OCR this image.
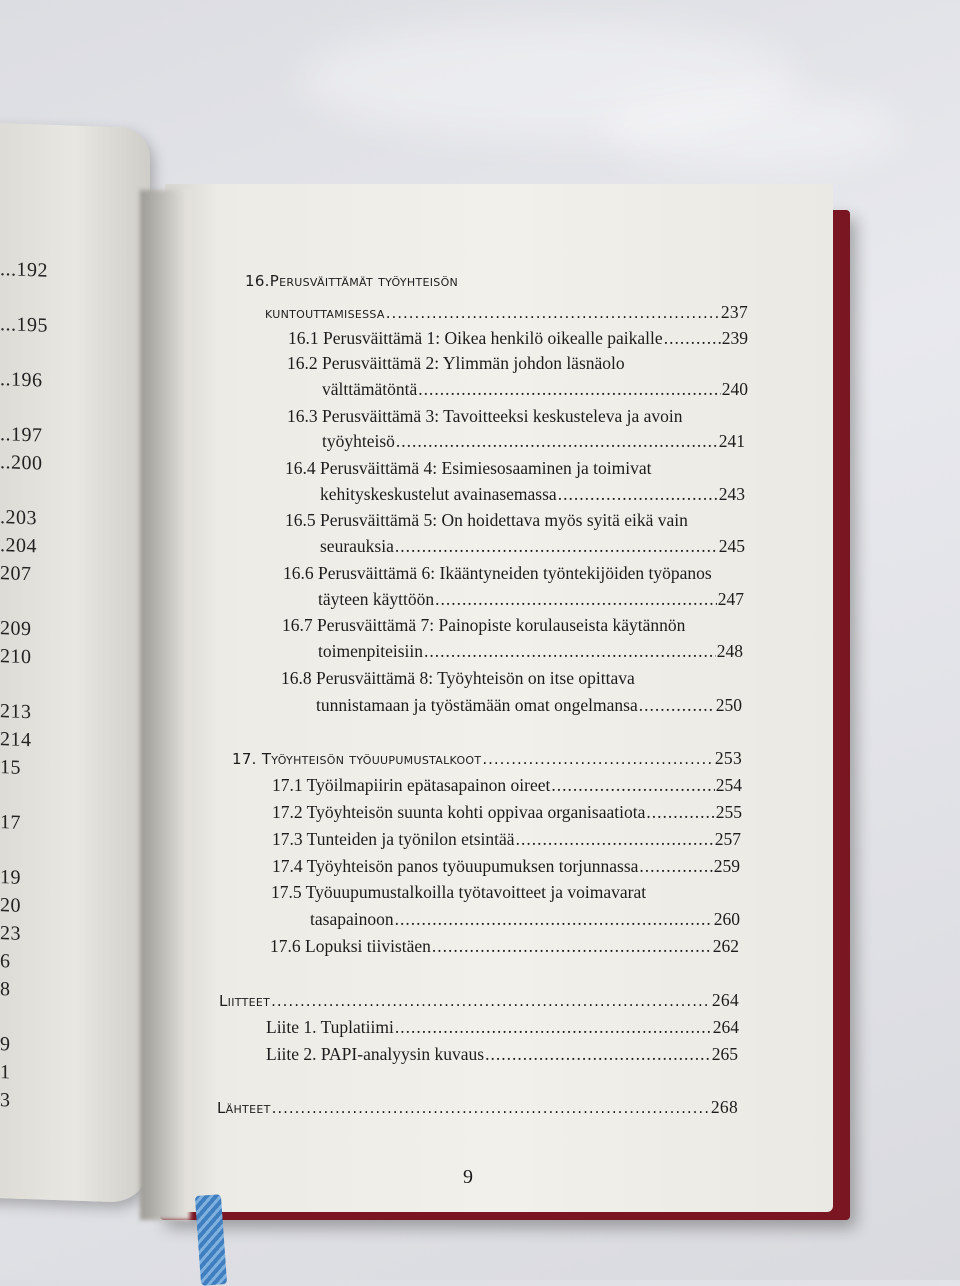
...192
...195
..196
..197
..200
.203
.204
207
209
210
213
214
15
17
19
20
23
6
8
9
1
3
16.Perusväittämät työyhteisön
kuntouttamisessa .....	237
16.1 Perusväittämä 1: Oikea henkilö oikealle paikalle .....	239
16.2 Perusväittämä 2: Ylimmän johdon läsnäolo
välttämätöntä .....	240
16.3 Perusväittämä 3: Tavoitteeksi keskusteleva ja avoin
työyhteisö .....	241
16.4 Perusväittämä 4: Esimiesosaaminen ja toimivat
kehityskeskustelut avainasemassa .....	243
16.5 Perusväittämä 5: On hoidettava myös syitä eikä vain
seurauksia .....	245
16.6 Perusväittämä 6: Ikääntyneiden työntekijöiden työpanos
täyteen käyttöön .....	247
16.7 Perusväittämä 7: Painopiste korulauseista käytännön
toimenpiteisiin .....	248
16.8 Perusväittämä 8: Työyhteisön on itse opittava
tunnistamaan ja työstämään omat ongelmansa .....	250
17. Työyhteisön työuupumustalkoot .....	253
17.1 Työilmapiirin epätasapainon oireet .....	254
17.2 Työyhteisön suunta kohti oppivaa organisaatiota .....	255
17.3 Tunteiden ja työnilon etsintää .....	257
17.4 Työyhteisön panos työuupumuksen torjunnassa .....	259
17.5 Työuupumustalkoilla työtavoitteet ja voimavarat
tasapainoon .....	260
17.6 Lopuksi tiivistäen .....	262
Liitteet .....	264
Liite 1. Tuplatiimi .....	264
Liite 2. PAPI-analyysin kuvaus .....	265
Lähteet .....	268
9
